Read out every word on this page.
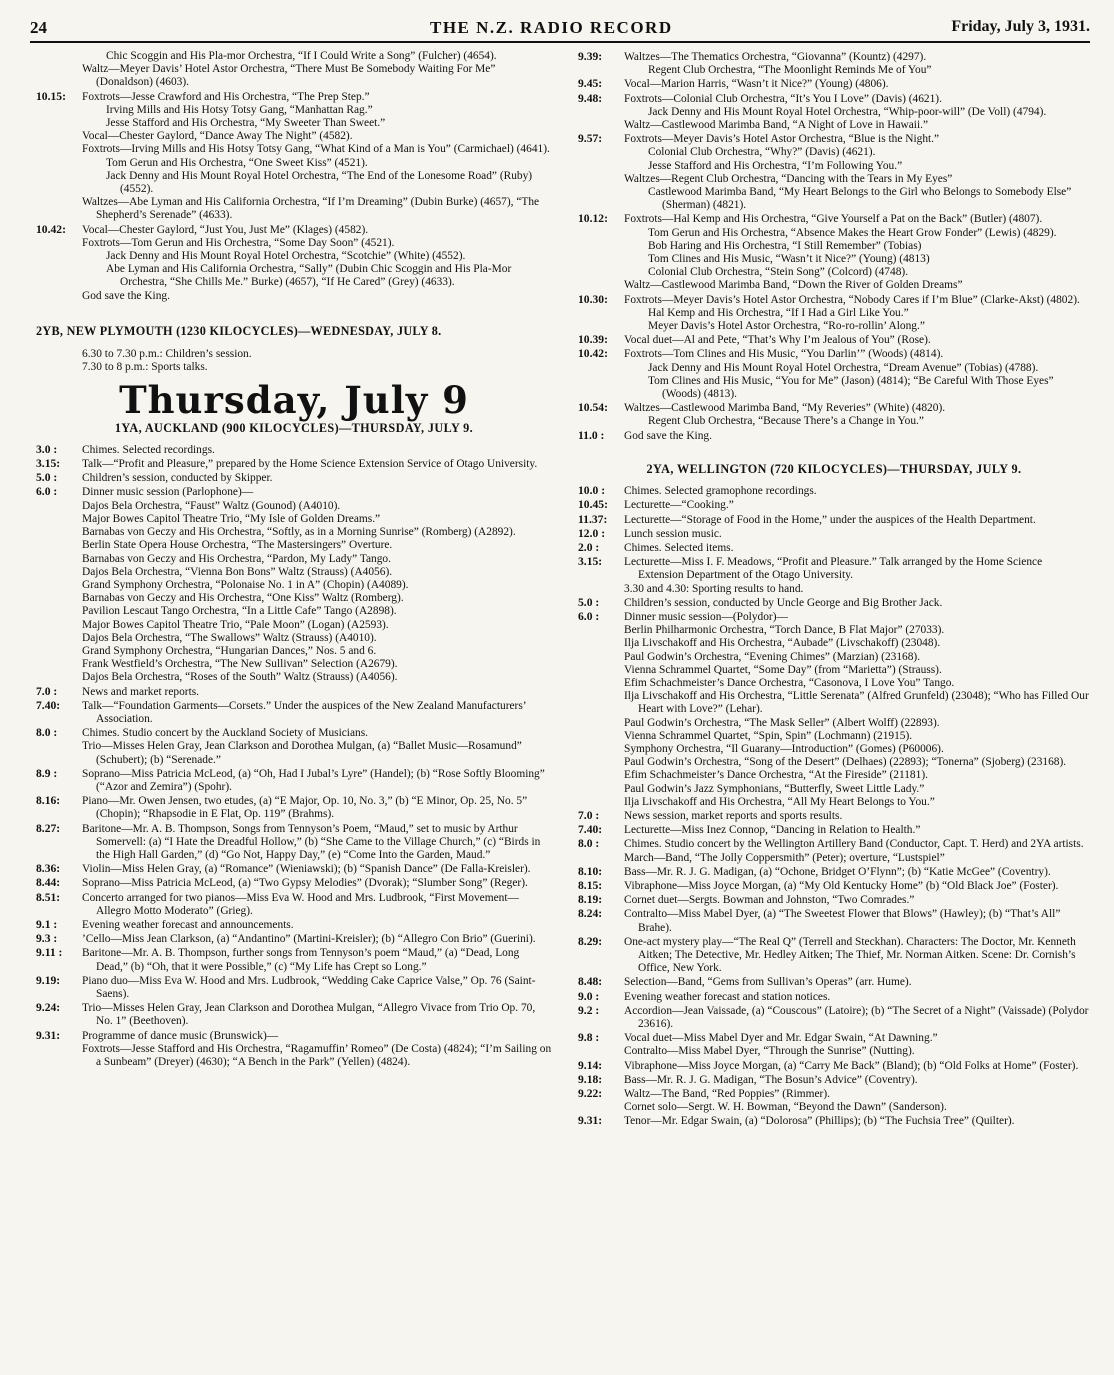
24	THE N.Z. RADIO RECORD	Friday, July 3, 1931.
Chic Scoggin and His Pla-mor Orchestra, “If I Could Write a Song” (Fulcher) (4654).
Waltz—Meyer Davis’ Hotel Astor Orchestra, “There Must Be Somebody Waiting For Me” (Donaldson) (4603).
10.15:	Foxtrots—Jesse Crawford and His Orchestra, “The Prep Step.”
Irving Mills and His Hotsy Totsy Gang, “Manhattan Rag.”
Jesse Stafford and His Orchestra, “My Sweeter Than Sweet.”
Vocal—Chester Gaylord, “Dance Away The Night” (4582).
Foxtrots—Irving Mills and His Hotsy Totsy Gang, “What Kind of a Man is You” (Carmichael) (4641).
Tom Gerun and His Orchestra, “One Sweet Kiss” (4521).
Jack Denny and His Mount Royal Hotel Orchestra, “The End of the Lonesome Road” (Ruby) (4552).
Waltzes—Abe Lyman and His California Orchestra, “If I’m Dreaming” (Dubin Burke) (4657), “The Shepherd’s Serenade” (4633).
10.42:	Vocal—Chester Gaylord, “Just You, Just Me” (Klages) (4582).
Foxtrots—Tom Gerun and His Orchestra, “Some Day Soon” (4521).
Jack Denny and His Mount Royal Hotel Orchestra, “Scotchie” (White) (4552).
Abe Lyman and His California Orchestra, “Sally” (Dubin Chic Scoggin and His Pla-Mor Orchestra, “She Chills Me.” Burke) (4657), “If He Cared” (Grey) (4633).
God save the King.
2YB, NEW PLYMOUTH (1230 KILOCYCLES)—WEDNESDAY, JULY 8.
6.30 to 7.30 p.m.: Children’s session.
7.30 to 8 p.m.: Sports talks.
Thursday, July 9
1YA, AUCKLAND (900 KILOCYCLES)—THURSDAY, JULY 9.
3.0 :	Chimes. Selected recordings.
3.15:	Talk—“Profit and Pleasure,” prepared by the Home Science Extension Service of Otago University.
5.0 :	Children’s session, conducted by Skipper.
6.0 :	Dinner music session (Parlophone)—
Dajos Bela Orchestra, “Faust” Waltz (Gounod) (A4010).
Major Bowes Capitol Theatre Trio, “My Isle of Golden Dreams.”
Barnabas von Geczy and His Orchestra, “Softly, as in a Morning Sunrise” (Romberg) (A2892).
Berlin State Opera House Orchestra, “The Mastersingers” Overture.
Barnabas von Geczy and His Orchestra, “Pardon, My Lady” Tango.
Dajos Bela Orchestra, “Vienna Bon Bons” Waltz (Strauss) (A4056).
Grand Symphony Orchestra, “Polonaise No. 1 in A” (Chopin) (A4089).
Barnabas von Geczy and His Orchestra, “One Kiss” Waltz (Romberg).
Pavilion Lescaut Tango Orchestra, “In a Little Cafe” Tango (A2898).
Major Bowes Capitol Theatre Trio, “Pale Moon” (Logan) (A2593).
Dajos Bela Orchestra, “The Swallows” Waltz (Strauss) (A4010).
Grand Symphony Orchestra, “Hungarian Dances,” Nos. 5 and 6.
Frank Westfield’s Orchestra, “The New Sullivan” Selection (A2679).
Dajos Bela Orchestra, “Roses of the South” Waltz (Strauss) (A4056).
7.0 :	News and market reports.
7.40:	Talk—“Foundation Garments—Corsets.” Under the auspices of the New Zealand Manufacturers’ Association.
8.0 :	Chimes. Studio concert by the Auckland Society of Musicians.
Trio—Misses Helen Gray, Jean Clarkson and Dorothea Mulgan, (a) “Ballet Music—Rosamund” (Schubert); (b) “Serenade.”
8.9 :	Soprano—Miss Patricia McLeod, (a) “Oh, Had I Jubal’s Lyre” (Handel); (b) “Rose Softly Blooming” (“Azor and Zemira”) (Spohr).
8.16:	Piano—Mr. Owen Jensen, two etudes, (a) “E Major, Op. 10, No. 3,” (b) “E Minor, Op. 25, No. 5” (Chopin); “Rhapsodie in E Flat, Op. 119” (Brahms).
8.27:	Baritone—Mr. A. B. Thompson, Songs from Tennyson’s Poem, “Maud,” set to music by Arthur Somervell: (a) “I Hate the Dreadful Hollow,” (b) “She Came to the Village Church,” (c) “Birds in the High Hall Garden,” (d) “Go Not, Happy Day,” (e) “Come Into the Garden, Maud.”
8.36:	Violin—Miss Helen Gray, (a) “Romance” (Wieniawski); (b) “Spanish Dance” (De Falla-Kreisler).
8.44:	Soprano—Miss Patricia McLeod, (a) “Two Gypsy Melodies” (Dvorak); “Slumber Song” (Reger).
8.51:	Concerto arranged for two pianos—Miss Eva W. Hood and Mrs. Ludbrook, “First Movement—Allegro Motto Moderato” (Grieg).
9.1 :	Evening weather forecast and announcements.
9.3 :	’Cello—Miss Jean Clarkson, (a) “Andantino” (Martini-Kreisler); (b) “Allegro Con Brio” (Guerini).
9.11 :	Baritone—Mr. A. B. Thompson, further songs from Tennyson’s poem “Maud,” (a) “Dead, Long Dead,” (b) “Oh, that it were Possible,” (c) “My Life has Crept so Long.”
9.19:	Piano duo—Miss Eva W. Hood and Mrs. Ludbrook, “Wedding Cake Caprice Valse,” Op. 76 (Saint-Saens).
9.24:	Trio—Misses Helen Gray, Jean Clarkson and Dorothea Mulgan, “Allegro Vivace from Trio Op. 70, No. 1” (Beethoven).
9.31:	Programme of dance music (Brunswick)—
Foxtrots—Jesse Stafford and His Orchestra, “Ragamuffin’ Romeo” (De Costa) (4824); “I’m Sailing on a Sunbeam” (Dreyer) (4630); “A Bench in the Park” (Yellen) (4824).
9.39:	Waltzes—The Thematics Orchestra, “Giovanna” (Kountz) (4297).
Regent Club Orchestra, “The Moonlight Reminds Me of You”
9.45:	Vocal—Marion Harris, “Wasn’t it Nice?” (Young) (4806).
9.48:	Foxtrots—Colonial Club Orchestra, “It’s You I Love” (Davis) (4621).
Jack Denny and His Mount Royal Hotel Orchestra, “Whip-poor-will” (De Voll) (4794).
Waltz—Castlewood Marimba Band, “A Night of Love in Hawaii.”
9.57:	Foxtrots—Meyer Davis’s Hotel Astor Orchestra, “Blue is the Night.”
Colonial Club Orchestra, “Why?” (Davis) (4621).
Jesse Stafford and His Orchestra, “I’m Following You.”
Waltzes—Regent Club Orchestra, “Dancing with the Tears in My Eyes”
Castlewood Marimba Band, “My Heart Belongs to the Girl who Belongs to Somebody Else” (Sherman) (4821).
10.12:	Foxtrots—Hal Kemp and His Orchestra, “Give Yourself a Pat on the Back” (Butler) (4807).
Tom Gerun and His Orchestra, “Absence Makes the Heart Grow Fonder” (Lewis) (4829).
Bob Haring and His Orchestra, “I Still Remember” (Tobias)
Tom Clines and His Music, “Wasn’t it Nice?” (Young) (4813)
Colonial Club Orchestra, “Stein Song” (Colcord) (4748).
Waltz—Castlewood Marimba Band, “Down the River of Golden Dreams”
10.30:	Foxtrots—Meyer Davis’s Hotel Astor Orchestra, “Nobody Cares if I’m Blue” (Clarke-Akst) (4802).
Hal Kemp and His Orchestra, “If I Had a Girl Like You.”
Meyer Davis’s Hotel Astor Orchestra, “Ro-ro-rollin’ Along.”
10.39:	Vocal duet—Al and Pete, “That’s Why I’m Jealous of You” (Rose).
10.42:	Foxtrots—Tom Clines and His Music, “You Darlin’” (Woods) (4814).
Jack Denny and His Mount Royal Hotel Orchestra, “Dream Avenue” (Tobias) (4788).
Tom Clines and His Music, “You for Me” (Jason) (4814); “Be Careful With Those Eyes” (Woods) (4813).
10.54:	Waltzes—Castlewood Marimba Band, “My Reveries” (White) (4820).
Regent Club Orchestra, “Because There’s a Change in You.”
11.0 :	God save the King.
2YA, WELLINGTON (720 KILOCYCLES)—THURSDAY, JULY 9.
10.0 :	Chimes. Selected gramophone recordings.
10.45:	Lecturette—“Cooking.”
11.37:	Lecturette—“Storage of Food in the Home,” under the auspices of the Health Department.
12.0 :	Lunch session music.
2.0 :	Chimes. Selected items.
3.15:	Lecturette—Miss I. F. Meadows, “Profit and Pleasure.” Talk arranged by the Home Science Extension Department of the Otago University.
3.30 and 4.30: Sporting results to hand.
5.0 :	Children’s session, conducted by Uncle George and Big Brother Jack.
6.0 :	Dinner music session—(Polydor)—
Berlin Philharmonic Orchestra, “Torch Dance, B Flat Major” (27033).
Ilja Livschakoff and His Orchestra, “Aubade” (Livschakoff) (23048).
Paul Godwin’s Orchestra, “Evening Chimes” (Marzian) (23168).
Vienna Schrammel Quartet, “Some Day” (from “Marietta”) (Strauss).
Efim Schachmeister’s Dance Orchestra, “Casonova, I Love You” Tango.
Ilja Livschakoff and His Orchestra, “Little Serenata” (Alfred Grunfeld) (23048); “Who has Filled Our Heart with Love?” (Lehar).
Paul Godwin’s Orchestra, “The Mask Seller” (Albert Wolff) (22893).
Vienna Schrammel Quartet, “Spin, Spin” (Lochmann) (21915).
Symphony Orchestra, “Il Guarany—Introduction” (Gomes) (P60006).
Paul Godwin’s Orchestra, “Song of the Desert” (Delhaes) (22893); “Tonerna” (Sjoberg) (23168).
Efim Schachmeister’s Dance Orchestra, “At the Fireside” (21181).
Paul Godwin’s Jazz Symphonians, “Butterfly, Sweet Little Lady.”
Ilja Livschakoff and His Orchestra, “All My Heart Belongs to You.”
7.0 :	News session, market reports and sports results.
7.40:	Lecturette—Miss Inez Connop, “Dancing in Relation to Health.”
8.0 :	Chimes. Studio concert by the Wellington Artillery Band (Conductor, Capt. T. Herd) and 2YA artists.
March—Band, “The Jolly Coppersmith” (Peter); overture, “Lustspiel”
8.10:	Bass—Mr. R. J. G. Madigan, (a) “Ochone, Bridget O’Flynn”; (b) “Katie McGee” (Coventry).
8.15:	Vibraphone—Miss Joyce Morgan, (a) “My Old Kentucky Home” (b) “Old Black Joe” (Foster).
8.19:	Cornet duet—Sergts. Bowman and Johnston, “Two Comrades.”
8.24:	Contralto—Miss Mabel Dyer, (a) “The Sweetest Flower that Blows” (Hawley); (b) “That’s All” Brahe).
8.29:	One-act mystery play—“The Real Q” (Terrell and Steckhan). Characters: The Doctor, Mr. Kenneth Aitken; The Detective, Mr. Hedley Aitken; The Thief, Mr. Norman Aitken. Scene: Dr. Cornish’s Office, New York.
8.48:	Selection—Band, “Gems from Sullivan’s Operas” (arr. Hume).
9.0 :	Evening weather forecast and station notices.
9.2 :	Accordion—Jean Vaissade, (a) “Couscous” (Latoire); (b) “The Secret of a Night” (Vaissade) (Polydor 23616).
9.8 :	Vocal duet—Miss Mabel Dyer and Mr. Edgar Swain, “At Dawning.”
Contralto—Miss Mabel Dyer, “Through the Sunrise” (Nutting).
9.14:	Vibraphone—Miss Joyce Morgan, (a) “Carry Me Back” (Bland); (b) “Old Folks at Home” (Foster).
9.18:	Bass—Mr. R. J. G. Madigan, “The Bosun’s Advice” (Coventry).
9.22:	Waltz—The Band, “Red Poppies” (Rimmer).
Cornet solo—Sergt. W. H. Bowman, “Beyond the Dawn” (Sanderson).
9.31:	Tenor—Mr. Edgar Swain, (a) “Dolorosa” (Phillips); (b) “The Fuchsia Tree” (Quilter).
